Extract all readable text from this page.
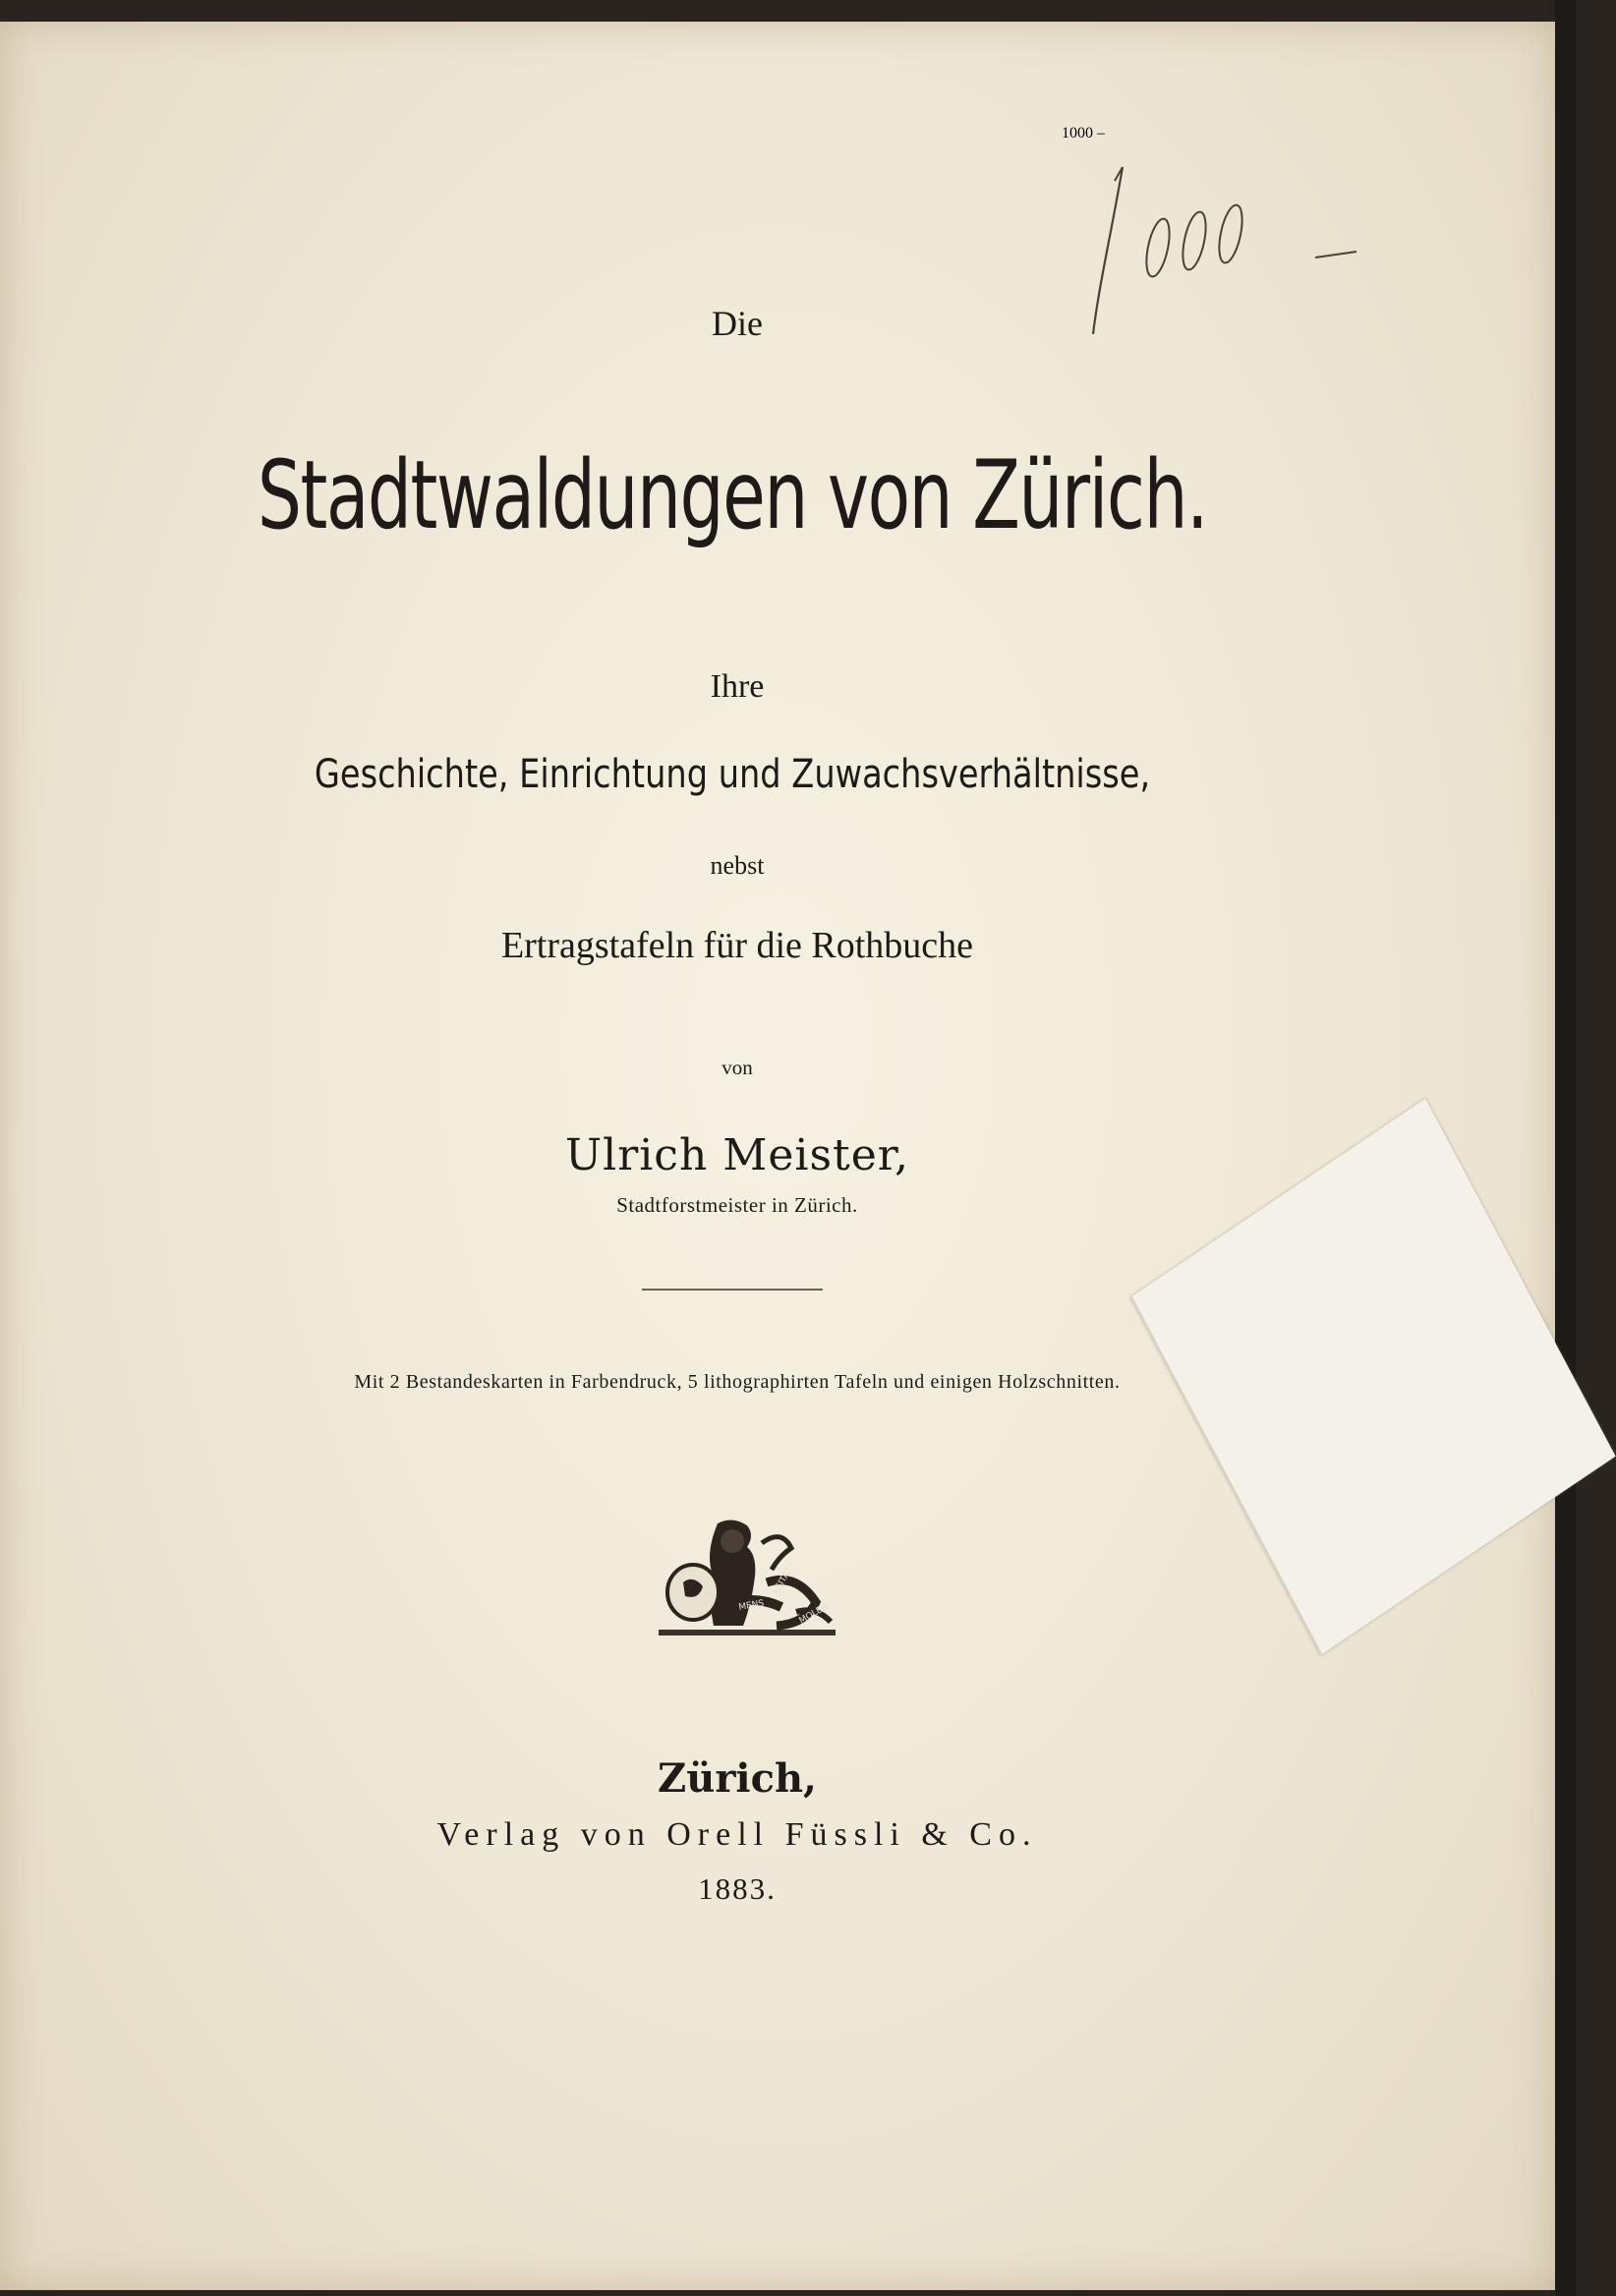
1000 –
Die
Stadtwaldungen von Zürich.
Ihre
Geschichte, Einrichtung und Zuwachsverhältnisse,
nebst
Ertragstafeln für die Rothbuche
von
Ulrich Meister,
Stadtforstmeister in Zürich.
Mit 2 Bestandeskarten in Farbendruck, 5 lithographirten Tafeln und einigen Holzschnitten.
MENS
AGITAT
MOLEM
Zürich,
Verlag von Orell Füssli & Co.
1883.
